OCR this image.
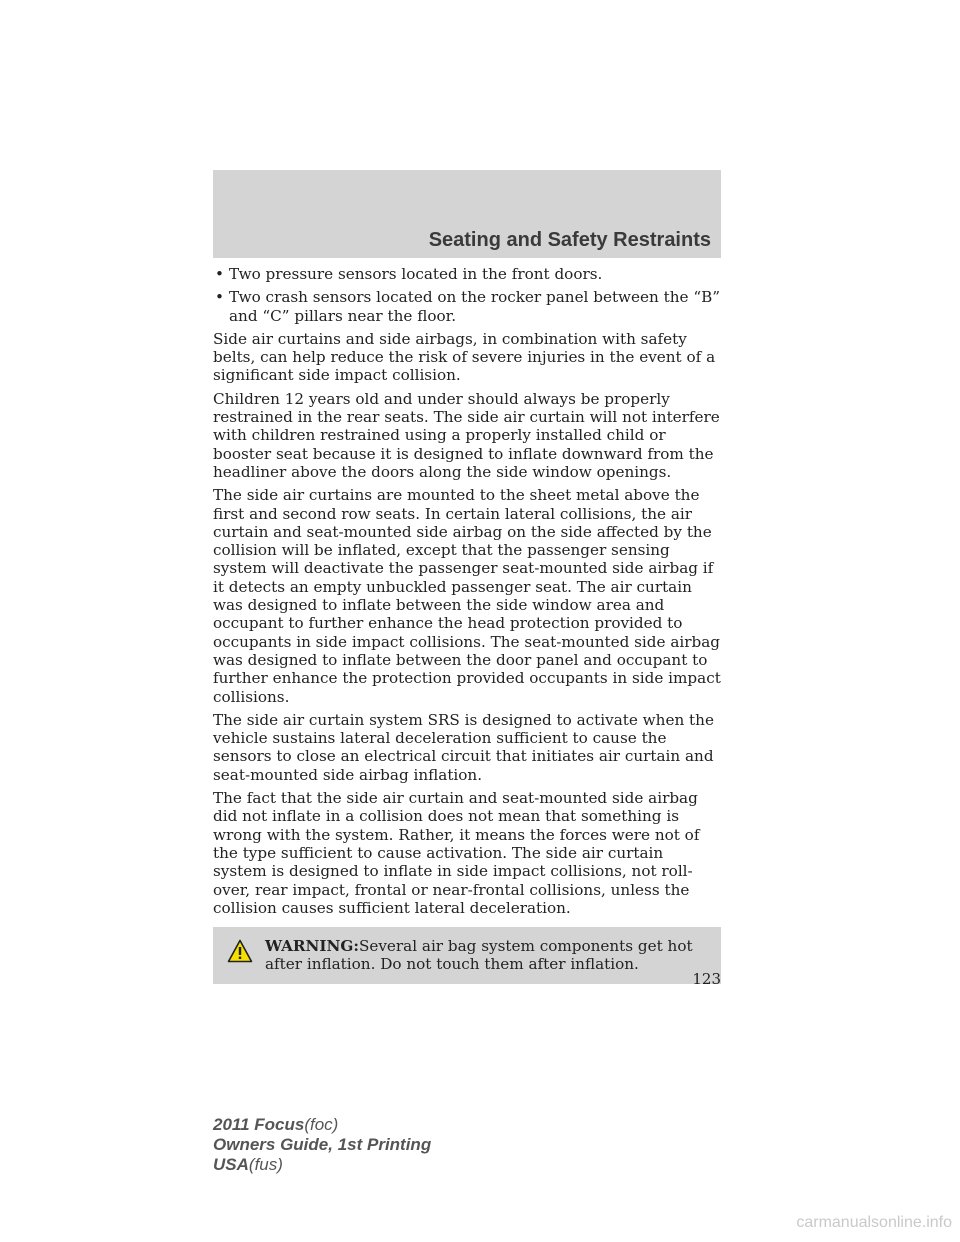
Seating and Safety Restraints
• Two pressure sensors located in the front doors.
• Two crash sensors located on the rocker panel between the “B” and “C” pillars near the floor.

Side air curtains and side airbags, in combination with safety belts, can help reduce the risk of severe injuries in the event of a significant side impact collision.

Children 12 years old and under should always be properly restrained in the rear seats. The side air curtain will not interfere with children restrained using a properly installed child or booster seat because it is designed to inflate downward from the headliner above the doors along the side window openings.

The side air curtains are mounted to the sheet metal above the first and second row seats. In certain lateral collisions, the air curtain and seat-mounted side airbag on the side affected by the collision will be inflated, except that the passenger sensing system will deactivate the passenger seat-mounted side airbag if it detects an empty unbuckled passenger seat. The air curtain was designed to inflate between the side window area and occupant to further enhance the head protection provided to occupants in side impact collisions. The seat-mounted side airbag was designed to inflate between the door panel and occupant to further enhance the protection provided occupants in side impact collisions.

The side air curtain system SRS is designed to activate when the vehicle sustains lateral deceleration sufficient to cause the sensors to close an electrical circuit that initiates air curtain and seat-mounted side airbag inflation.

The fact that the side air curtain and seat-mounted side airbag did not inflate in a collision does not mean that something is wrong with the system. Rather, it means the forces were not of the type sufficient to cause activation. The side air curtain system is designed to inflate in side impact collisions, not roll-over, rear impact, frontal or near-frontal collisions, unless the collision causes sufficient lateral deceleration.

WARNING:Several air bag system components get hot after inflation. Do not touch them after inflation.
123
2011 Focus(foc)
Owners Guide, 1st Printing
USA(fus)
carmanualsonline.info
